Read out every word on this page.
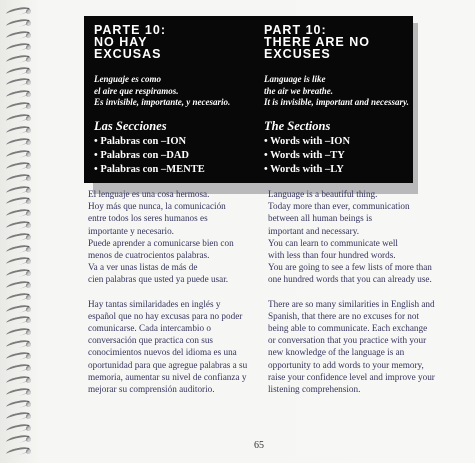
PARTE 10:
NO HAY
EXCUSAS
Lenguaje es como
el aire que respiramos.
Es invisible, importante, y necesario.
Las Secciones
• Palabras con –ION
• Palabras con –DAD
• Palabras con –MENTE
PART 10:
THERE ARE NO
EXCUSES
Language is like
the air we breathe.
It is invisible, important and necessary.
The Sections
• Words with –ION
• Words with –TY
• Words with –LY
El lenguaje es una cosa hermosa.
Hoy más que nunca, la comunicación
entre todos los seres humanos es
importante y necesario.
Puede aprender a comunicarse bien con
menos de cuatrocientos palabras.
Va a ver unas listas de más de
cien palabras que usted ya puede usar.
Hay tantas similaridades en inglés y
español que no hay excusas para no poder
comunicarse. Cada intercambio o
conversación que practica con sus
conocimientos nuevos del idioma es una
oportunidad para que agregue palabras a su
memoria, aumentar su nivel de confianza y
mejorar su comprensión auditorio.
Language is a beautiful thing.
Today more than ever, communication
between all human beings is
important and necessary.
You can learn to communicate well
with less than four hundred words.
You are going to see a few lists of more than
one hundred words that you can already use.
There are so many similarities in English and
Spanish, that there are no excuses for not
being able to communicate. Each exchange
or conversation that you practice with your
new knowledge of the language is an
opportunity to add words to your memory,
raise your confidence level and improve your
listening comprehension.
65
